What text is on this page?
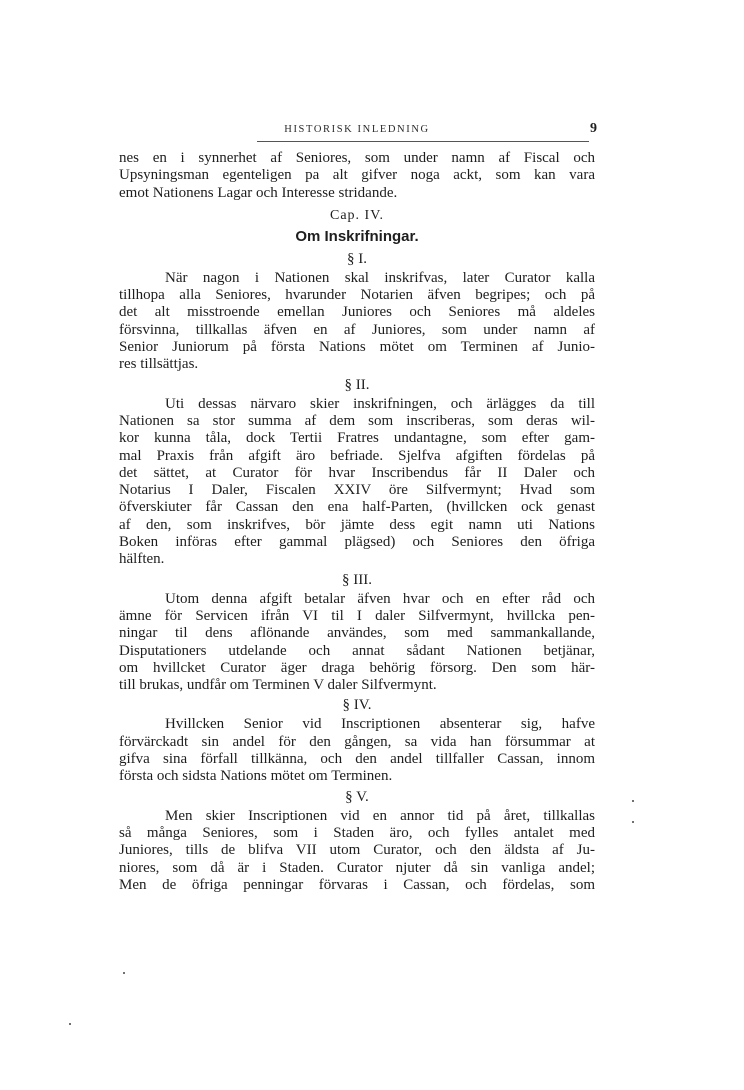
HISTORISK INLEDNING	9
nes en i synnerhet af Seniores, som under namn af Fiscal och
Upsyningsman egenteligen pa alt gifver noga ackt, som kan vara
emot Nationens Lagar och Interesse stridande.
Cap. IV.
Om Inskrifningar.
§ I.
När nagon i Nationen skal inskrifvas, later Curator kalla
tillhopa alla Seniores, hvarunder Notarien äfven begripes; och på
det alt misstroende emellan Juniores och Seniores må aldeles
försvinna, tillkallas äfven en af Juniores, som under namn af
Senior Juniorum på första Nations mötet om Terminen af Junio-
res tillsättjas.
§ II.
Uti dessas närvaro skier inskrifningen, och ärlägges da till
Nationen sa stor summa af dem som inscriberas, som deras wil-
kor kunna tåla, dock Tertii Fratres undantagne, som efter gam-
mal Praxis från afgift äro befriade. Sjelfva afgiften fördelas på
det sättet, at Curator för hvar Inscribendus får II Daler och
Notarius I Daler, Fiscalen XXIV öre Silfvermynt; Hvad som
öfverskiuter får Cassan den ena half-Parten, (hvillcken ock genast
af den, som inskrifves, bör jämte dess egit namn uti Nations
Boken införas efter gammal plägsed) och Seniores den öfriga
hälften.
§ III.
Utom denna afgift betalar äfven hvar och en efter råd och
ämne för Servicen ifrån VI til I daler Silfvermynt, hvillcka pen-
ningar til dens aflönande användes, som med sammankallande,
Disputationers utdelande och annat sådant Nationen betjänar,
om hvillcket Curator äger draga behörig försorg. Den som här-
till brukas, undfår om Terminen V daler Silfvermynt.
§ IV.
Hvillcken Senior vid Inscriptionen absenterar sig, hafve
förvärckadt sin andel för den gången, sa vida han försummar at
gifva sina förfall tillkänna, och den andel tillfaller Cassan, innom
första och sidsta Nations mötet om Terminen.
§ V.
Men skier Inscriptionen vid en annor tid på året, tillkallas
så många Seniores, som i Staden äro, och fylles antalet med
Juniores, tills de blifva VII utom Curator, och den äldsta af Ju-
niores, som då är i Staden. Curator njuter då sin vanliga andel;
Men de öfriga penningar förvaras i Cassan, och fördelas, som
